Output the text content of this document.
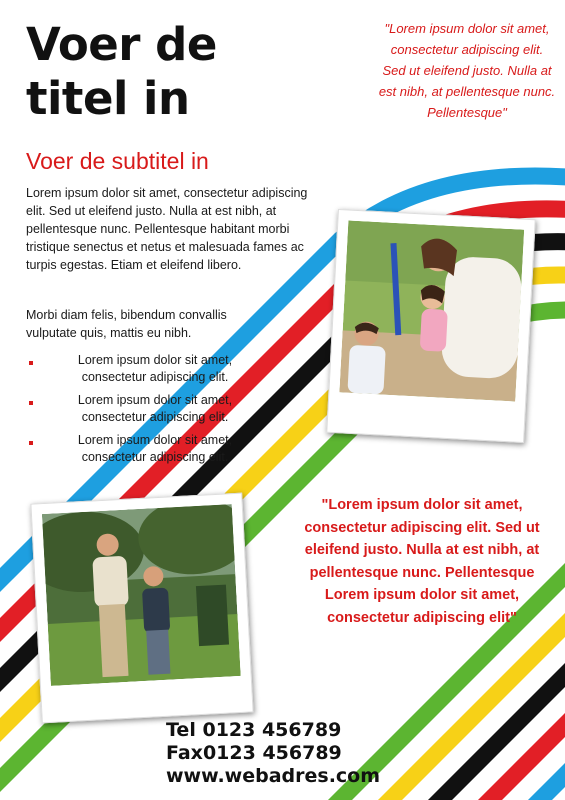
Voer de
titel in
Voer de subtitel in

Lorem ipsum dolor sit amet, consectetur adipiscing elit. Sed ut eleifend justo. Nulla at est nibh, at pellentesque nunc. Pellentesque habitant morbi tristique senectus et netus et malesuada fames ac turpis egestas. Etiam et eleifend libero.

Morbi diam felis, bibendum convallis vulputate quis, mattis eu nibh.

Lorem ipsum dolor sit amet, consectetur adipiscing elit.
Lorem ipsum dolor sit amet, consectetur adipiscing elit.
Lorem ipsum dolor sit amet, consectetur adipiscing elit.
"Lorem ipsum dolor sit amet, consectetur adipiscing elit. Sed ut eleifend justo. Nulla at est nibh, at pellentesque nunc. Pellentesque"
"Lorem ipsum dolor sit amet, consectetur adipiscing elit. Sed ut eleifend justo. Nulla at est nibh, at pellentesque nunc. Pellentesque Lorem ipsum dolor sit amet, consectetur adipiscing elit"
Tel 0123 456789
Fax0123 456789
www.webadres.com
